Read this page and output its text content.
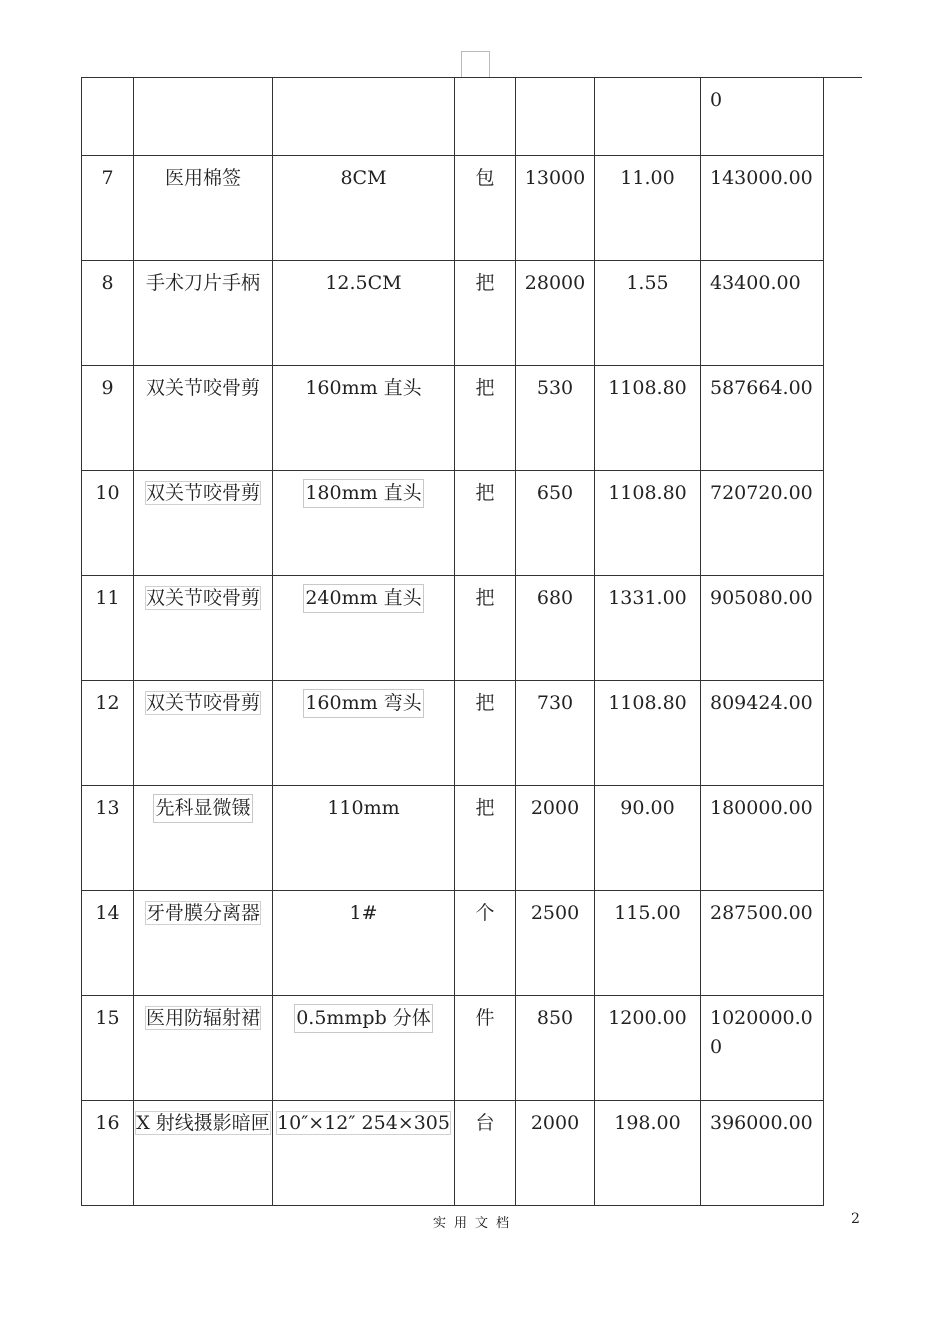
						0
7	医用棉签	8CM	包	13000	11.00	143000.00
8	手术刀片手柄	12.5CM	把	28000	1.55	43400.00
9	双关节咬骨剪	160mm 直头	把	530	1108.80	587664.00
10	双关节咬骨剪	180mm 直头	把	650	1108.80	720720.00
11	双关节咬骨剪	240mm 直头	把	680	1331.00	905080.00
12	双关节咬骨剪	160mm 弯头	把	730	1108.80	809424.00
13	先科显微镊	110mm	把	2000	90.00	180000.00
14	牙骨膜分离器	1#	个	2500	115.00	287500.00
15	医用防辐射裙	0.5mmpb 分体	件	850	1200.00	1020000.00
16	X 射线摄影暗匣	10″×12″ 254×305	台	2000	198.00	396000.00
实用文档	2
